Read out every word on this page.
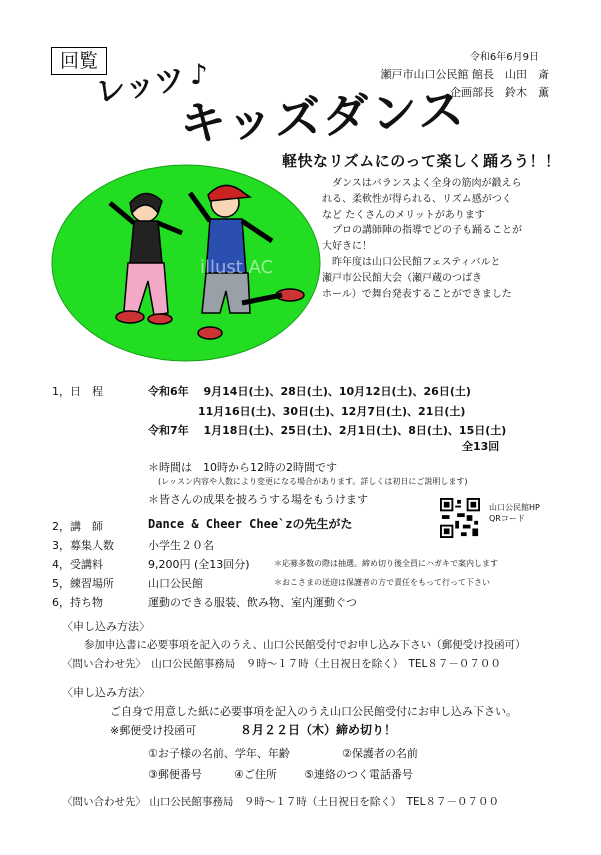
回覧	令和6年6月9日
瀬戸市山口公民館 館長　山田　斎
企画部長　鈴木　薫
レッツ ♪
キッズダンス
軽快なリズムにのって楽しく踊ろう！！
illust AC

　ダンスはバランスよく全身の筋肉が鍛えら

れる、柔軟性が得られる、リズム感がつく

など たくさんのメリットがあります

　プロの講師陣の指導でどの子も踊ることが

大好きに！

　昨年度は山口公民館フェスティバルと

瀬戸市公民館大会（瀬戸蔵のつばき

ホール）で舞台発表することができました

1，日　程	令和6年　 9月14日(土)、28日(土)、10月12日(土)、26日(土)
11月16日(土)、30日(土)、12月7日(土)、21日(土)
令和7年　 1月18日(土)、25日(土)、2月1日(土)、8日(土)、15日(土)
全13回
＊時間は　10時から12時の2時間です
(レッスン内容や人数により変更になる場合があります。詳しくは初日にご説明します)
＊皆さんの成果を披ろうする場をもうけます
山口公民館HP
QRコード
2，講　師	Dance & Cheer Chee`zの先生がた
3，募集人数	小学生２０名
4，受講料	9,200円 (全13回分)	＊応募多数の際は抽選。締め切り後全員にハガキで案内します
5，練習場所	山口公民館	＊おこさまの送迎は保護者の方で責任をもって行って下さい
6，持ち物	運動のできる服装、飲み物、室内運動ぐつ
〈申し込み方法〉
参加申込書に必要事項を記入のうえ、山口公民館受付でお申し込み下さい（郵便受け投函可）
〈問い合わせ先〉　山口公民館事務局　９時～１７時（土日祝日を除く）　TEL８７－０７００
〈申し込み方法〉
ご自身で用意した紙に必要事項を記入のうえ山口公民館受付にお申し込み下さい。
※郵便受け投函可	８月２２日（木）締め切り！
①お子様の名前、学年、年齢	②保護者の名前
③郵便番号	④ご住所 ⑤連絡のつく電話番号
〈問い合わせ先〉 山口公民館事務局　９時～１７時（土日祝日を除く）　TEL８７－０７００
